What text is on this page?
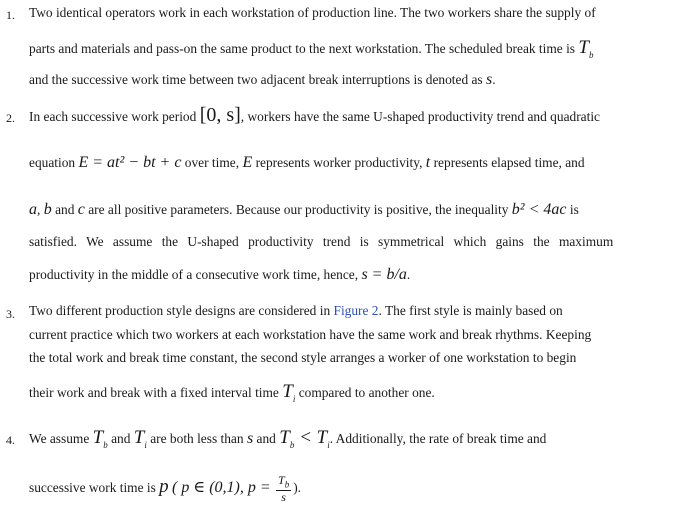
1. Two identical operators work in each workstation of production line. The two workers share the supply of
parts and materials and pass-on the same product to the next workstation. The scheduled break time is $T_b$
and the successive work time between two adjacent break interruptions is denoted as s.
2. In each successive work period [0, s], workers have the same U-shaped productivity trend and quadratic
equation E = at² − bt + c over time, E represents worker productivity, t represents elapsed time, and
a, b and c are all positive parameters. Because our productivity is positive, the inequality b² < 4ac is
satisfied. We assume the U-shaped productivity trend is symmetrical which gains the maximum
productivity in the middle of a consecutive work time, hence, s = b/a.
3. Two different production style designs are considered in Figure 2. The first style is mainly based on
current practice which two workers at each workstation have the same work and break rhythms. Keeping
the total work and break time constant, the second style arranges a worker of one workstation to begin
their work and break with a fixed interval time $T_i$ compared to another one.
4. We assume $T_b$ and $T_i$ are both less than s and $T_b < T_i$. Additionally, the rate of break time and
successive work time is p ( p ∈ (0,1), $p = \frac{T_b}{s}$ ).
